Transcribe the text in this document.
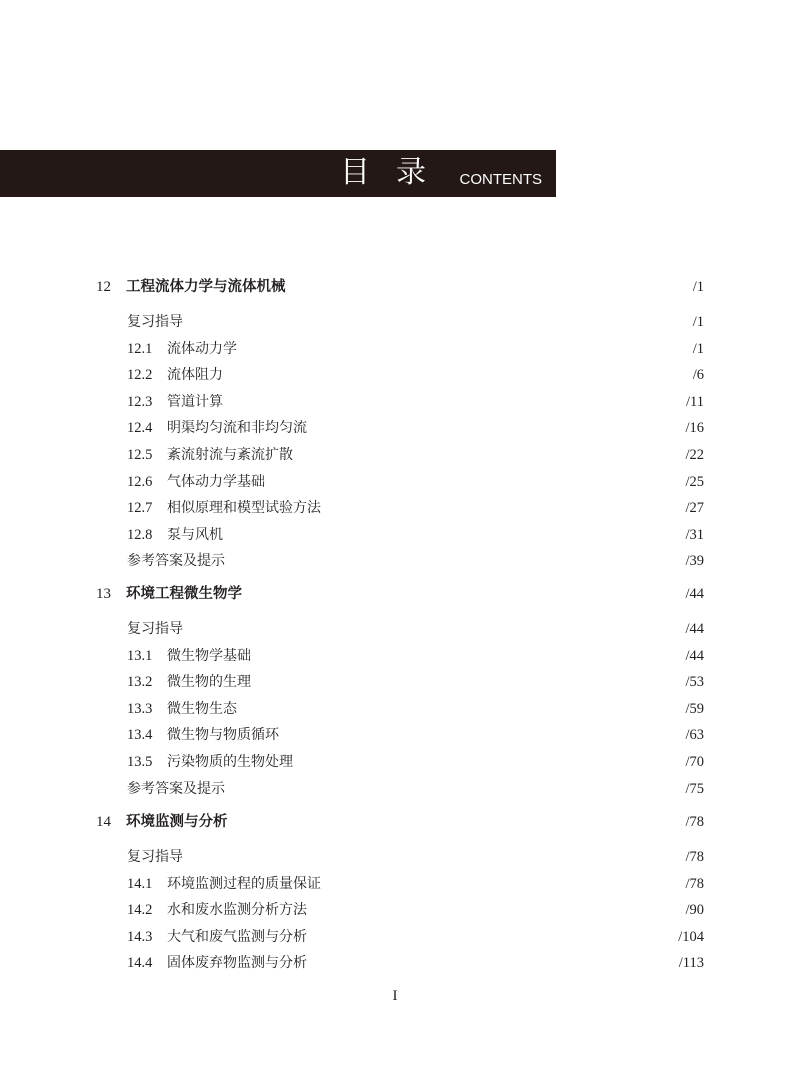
目录 CONTENTS
12 工程流体力学与流体机械	/1
复习指导	/1
12.1 流体动力学	/1
12.2 流体阻力	/6
12.3 管道计算	/11
12.4 明渠均匀流和非均匀流	/16
12.5 紊流射流与紊流扩散	/22
12.6 气体动力学基础	/25
12.7 相似原理和模型试验方法	/27
12.8 泵与风机	/31
参考答案及提示	/39
13 环境工程微生物学	/44
复习指导	/44
13.1 微生物学基础	/44
13.2 微生物的生理	/53
13.3 微生物生态	/59
13.4 微生物与物质循环	/63
13.5 污染物质的生物处理	/70
参考答案及提示	/75
14 环境监测与分析	/78
复习指导	/78
14.1 环境监测过程的质量保证	/78
14.2 水和废水监测分析方法	/90
14.3 大气和废气监测与分析	/104
14.4 固体废弃物监测与分析	/113
I
